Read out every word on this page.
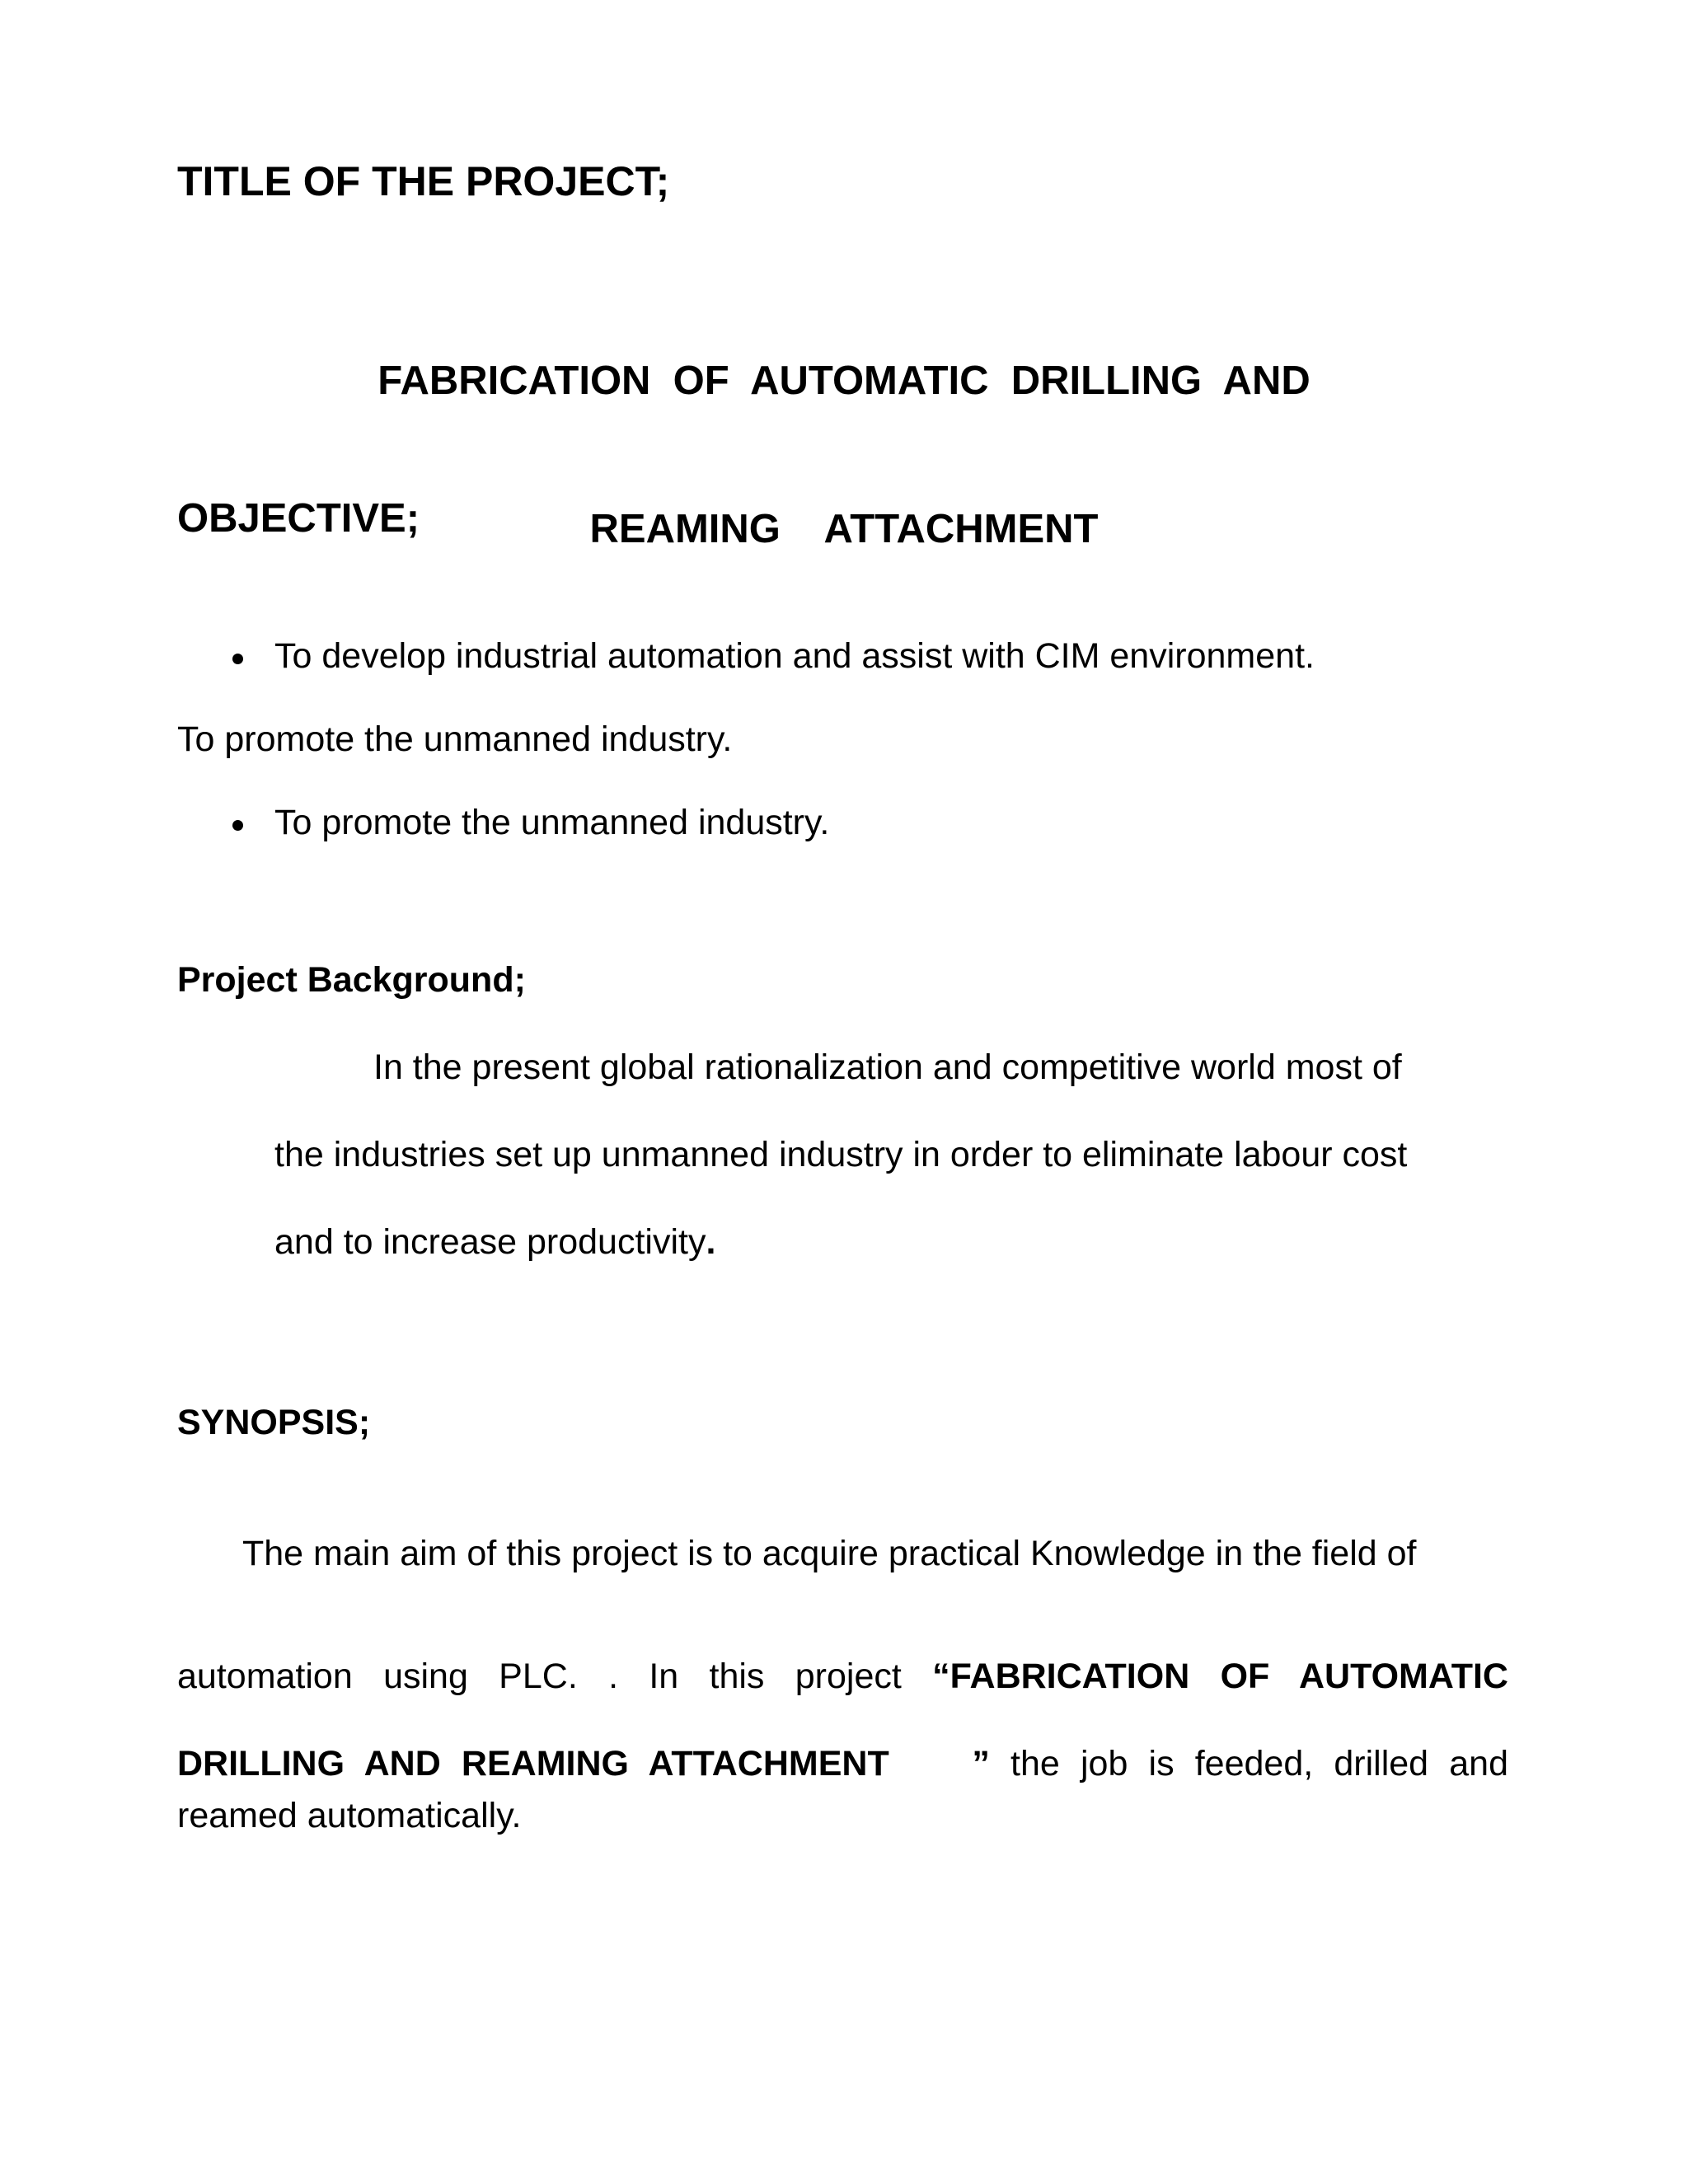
TITLE OF THE PROJECT;

FABRICATION  OF  AUTOMATIC  DRILLING  AND

REAMING    ATTACHMENT

OBJECTIVE;

To develop industrial automation and assist with CIM environment.

To promote the unmanned industry.

To promote the unmanned industry.

Project Background;

In the present global rationalization and competitive world most of

the industries set up unmanned industry in order to eliminate labour cost

and to increase productivity.

SYNOPSIS;

The main aim of this project is to acquire practical Knowledge in the field of

automation using PLC. . In this project “FABRICATION OF AUTOMATIC

DRILLING AND REAMING ATTACHMENT ” the job is feeded, drilled and

reamed automatically.
